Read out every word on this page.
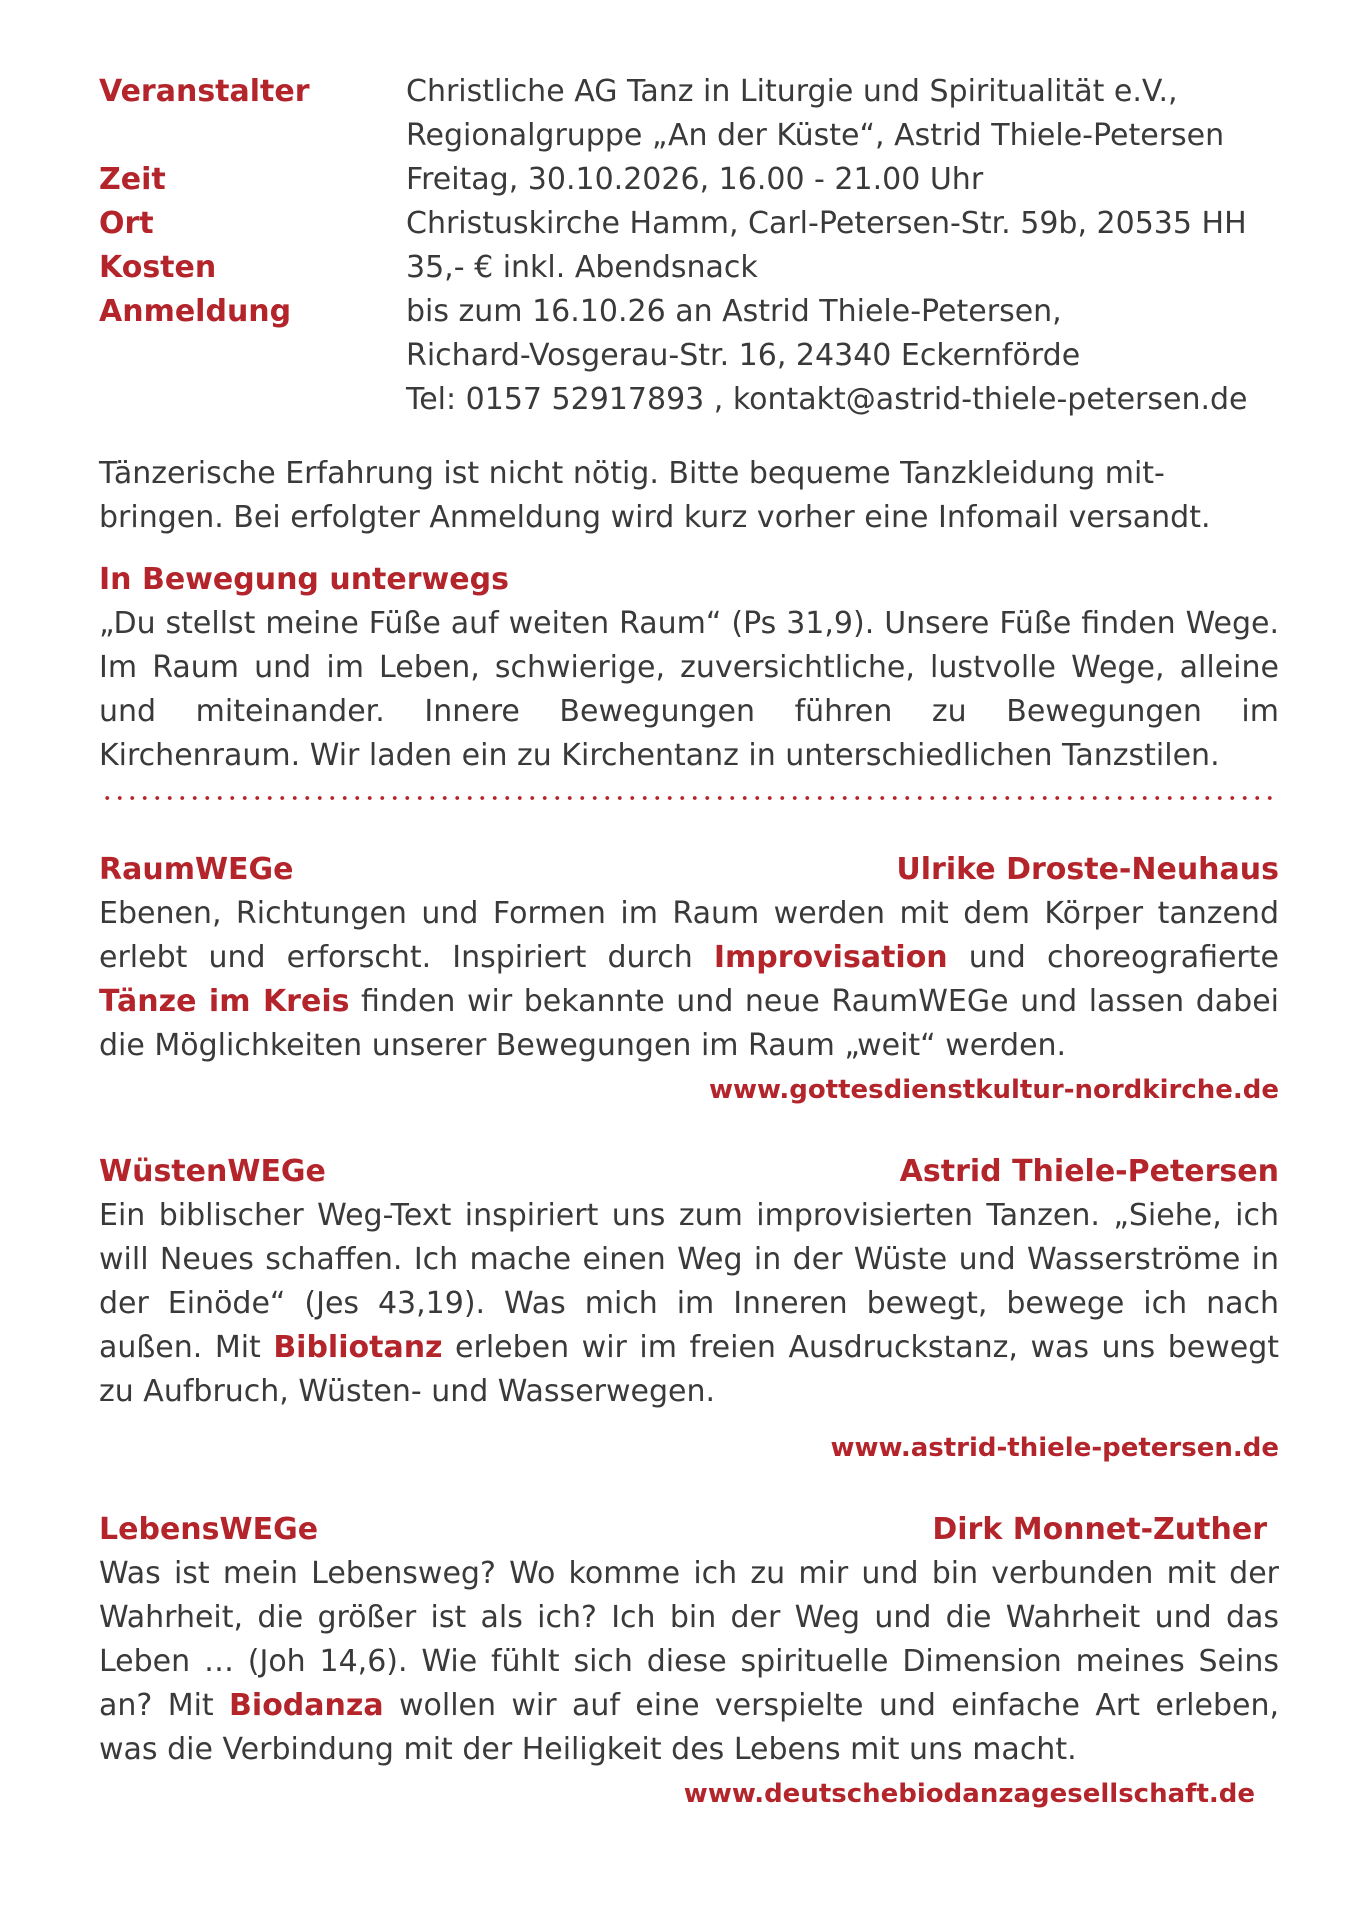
Veranstalter	Christliche AG Tanz in Liturgie und Spiritualität e.V.,
Regionalgruppe „An der Küste“, Astrid Thiele-Petersen
Zeit	Freitag, 30.10.2026, 16.00 - 21.00 Uhr
Ort	Christuskirche Hamm, Carl-Petersen-Str. 59b, 20535 HH
Kosten	35,- € inkl. Abendsnack
Anmeldung	bis zum 16.10.26 an Astrid Thiele-Petersen,
Richard-Vosgerau-Str. 16, 24340 Eckernförde
Tel: 0157 52917893 , kontakt@astrid-thiele-petersen.de
Tänzerische Erfahrung ist nicht nötig. Bitte bequeme Tanzkleidung mit-
bringen. Bei erfolgter Anmeldung wird kurz vorher eine Infomail versandt.
In Bewegung unterwegs
„Du stellst meine Füße auf weiten Raum“ (Ps 31,9). Unsere Füße finden Wege. Im Raum und im Leben, schwierige, zuversichtliche, lustvolle Wege, alleine und miteinander. Innere Bewegungen führen zu Bewegungen im Kirchenraum. Wir laden ein zu Kirchentanz in unterschiedlichen Tanzstilen.
RaumWEGe	Ulrike Droste-Neuhaus
Ebenen, Richtungen und Formen im Raum werden mit dem Körper tanzend erlebt und erforscht. Inspiriert durch Improvisation und choreografierte Tänze im Kreis finden wir bekannte und neue RaumWEGe und lassen dabei die Möglichkeiten unserer Bewegungen im Raum „weit“ werden.
www.gottesdienstkultur-nordkirche.de
WüstenWEGe	Astrid Thiele-Petersen
Ein biblischer Weg-Text inspiriert uns zum improvisierten Tanzen. „Siehe, ich will Neues schaffen. Ich mache einen Weg in der Wüste und Wasserströme in der Einöde“ (Jes 43,19). Was mich im Inneren bewegt, bewege ich nach außen. Mit Bibliotanz erleben wir im freien Ausdruckstanz, was uns bewegt zu Aufbruch, Wüsten- und Wasserwegen.
www.astrid-thiele-petersen.de
LebensWEGe	Dirk Monnet-Zuther
Was ist mein Lebensweg? Wo komme ich zu mir und bin verbunden mit der Wahrheit, die größer ist als ich? Ich bin der Weg und die Wahrheit und das Leben … (Joh 14,6). Wie fühlt sich diese spirituelle Dimension meines Seins an? Mit Biodanza wollen wir auf eine verspielte und einfache Art erleben, was die Verbindung mit der Heiligkeit des Lebens mit uns macht.
www.deutschebiodanzagesellschaft.de
